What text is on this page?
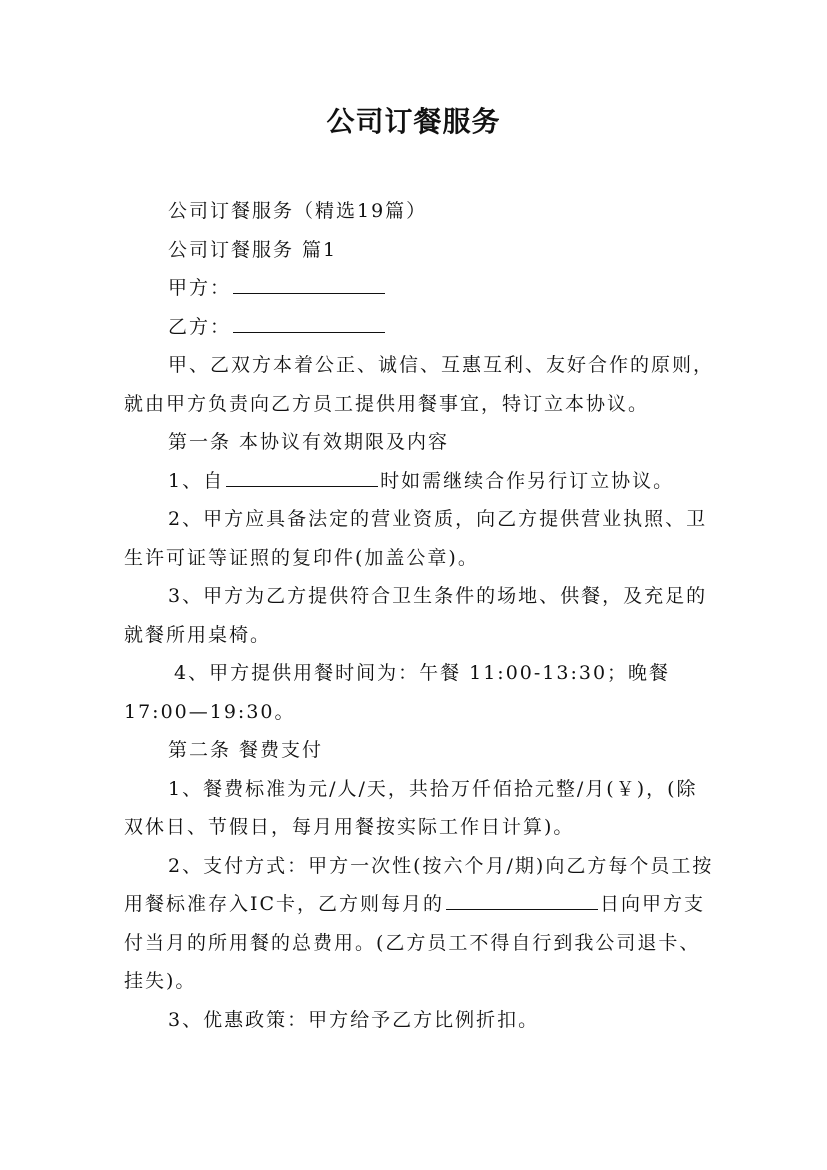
公司订餐服务

公司订餐服务（精选19篇）

公司订餐服务 篇1

甲方：

乙方：

甲、乙双方本着公正、诚信、互惠互利、友好合作的原则，就由甲方负责向乙方员工提供用餐事宜，特订立本协议。

第一条 本协议有效期限及内容

1、自	时如需继续合作另行订立协议。

2、甲方应具备法定的营业资质，向乙方提供营业执照、卫生许可证等证照的复印件(加盖公章)。

3、甲方为乙方提供符合卫生条件的场地、供餐，及充足的就餐所用桌椅。

4、甲方提供用餐时间为：午餐 11:00-13:30；晚餐17:00—19:30。

第二条 餐费支付

1、餐费标准为元/人/天，共拾万仟佰拾元整/月(￥)，(除双休日、节假日，每月用餐按实际工作日计算)。

2、支付方式：甲方一次性(按六个月/期)向乙方每个员工按用餐标准存入IC卡，乙方则每月的	日向甲方支付当月的所用餐的总费用。(乙方员工不得自行到我公司退卡、挂失)。

3、优惠政策：甲方给予乙方比例折扣。
